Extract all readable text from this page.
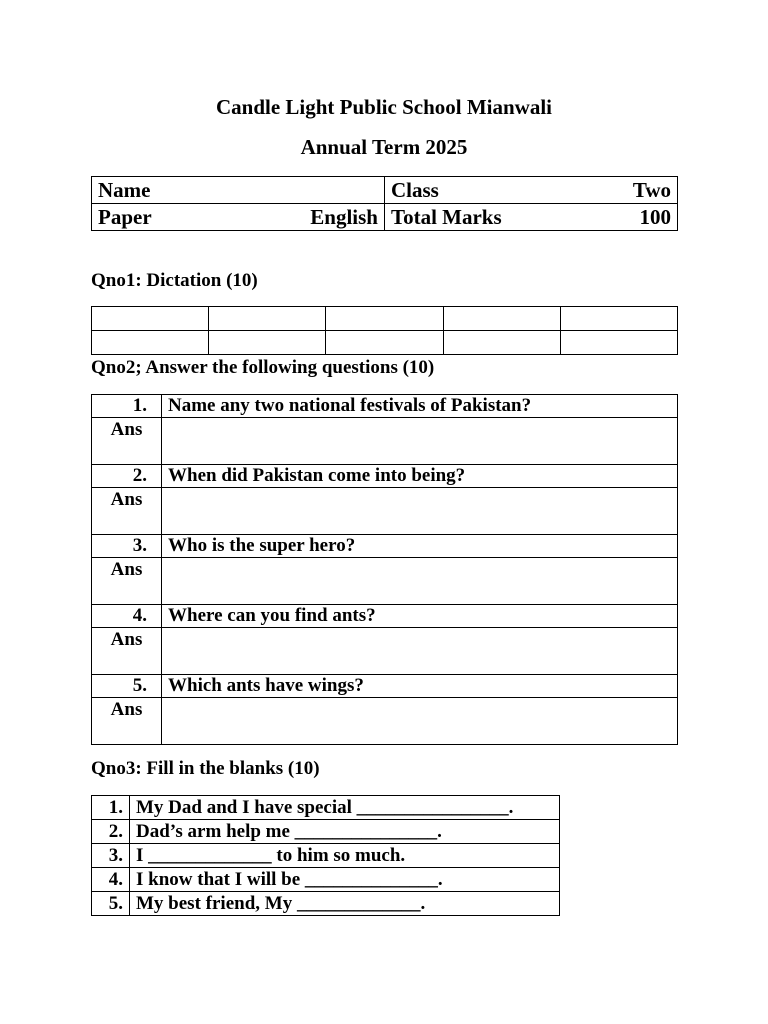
Candle Light Public School Mianwali
Annual Term 2025
Name	Class Two

Paper English	Total Marks 100
Qno1: Dictation (10)

Qno2; Answer the following questions (10)
1.	Name any two national festivals of Pakistan?
Ans	
2.	When did Pakistan come into being?
Ans	
3.	Who is the super hero?
Ans	
4.	Where can you find ants?
Ans	
5.	Which ants have wings?
Ans	
Qno3: Fill in the blanks (10)
1.	My Dad and I have special ________________.
2.	Dad’s arm help me _______________.
3.	I _____________ to him so much.
4.	I know that I will be ______________.
5.	My best friend, My _____________.
